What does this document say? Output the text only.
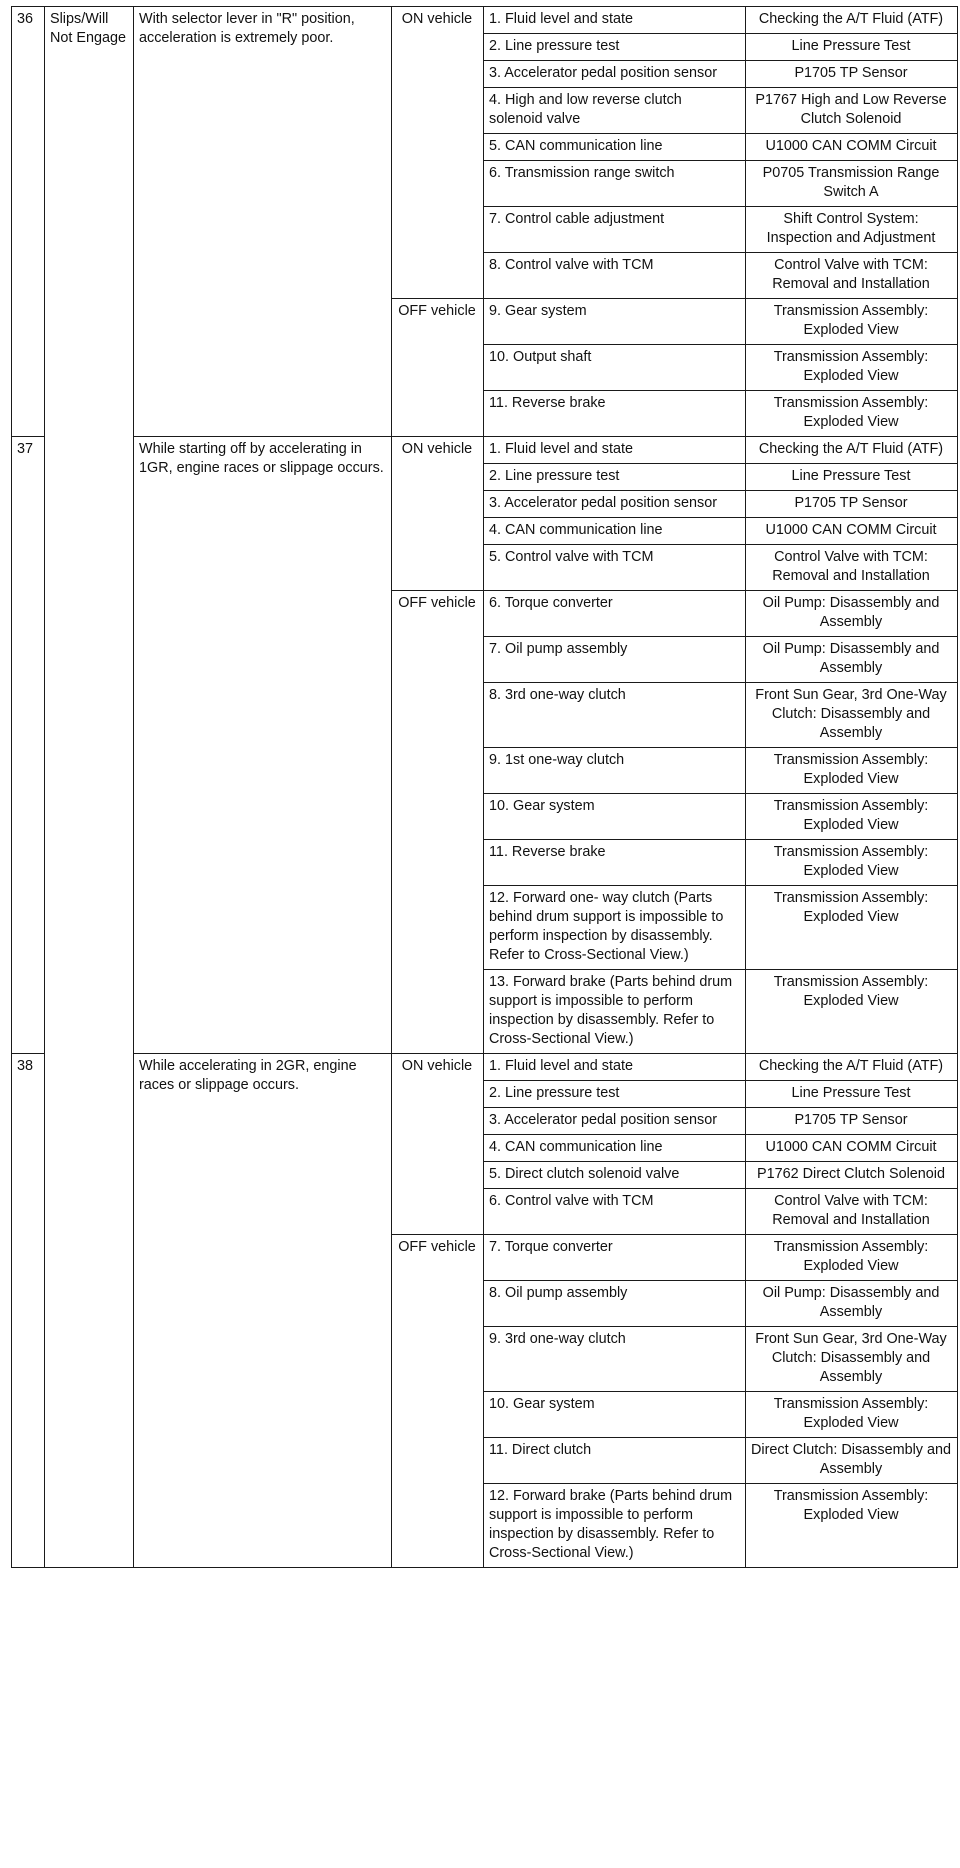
36	Slips/Will Not Engage	With selector lever in "R" position, acceleration is extremely poor.	ON vehicle	1. Fluid level and state	Checking the A/T Fluid (ATF)
				2. Line pressure test	Line Pressure Test
				3. Accelerator pedal position sensor	P1705 TP Sensor
				4. High and low reverse clutch solenoid valve	P1767 High and Low Reverse Clutch Solenoid
				5. CAN communication line	U1000 CAN COMM Circuit
				6. Transmission range switch	P0705 Transmission Range Switch A
				7. Control cable adjustment	Shift Control System: Inspection and Adjustment
				8. Control valve with TCM	Control Valve with TCM: Removal and Installation
			OFF vehicle	9. Gear system	Transmission Assembly: Exploded View
				10. Output shaft	Transmission Assembly: Exploded View
				11. Reverse brake	Transmission Assembly: Exploded View
37		While starting off by accelerating in 1GR, engine races or slippage occurs.	ON vehicle	1. Fluid level and state	Checking the A/T Fluid (ATF)
				2. Line pressure test	Line Pressure Test
				3. Accelerator pedal position sensor	P1705 TP Sensor
				4. CAN communication line	U1000 CAN COMM Circuit
				5. Control valve with TCM	Control Valve with TCM: Removal and Installation
			OFF vehicle	6. Torque converter	Oil Pump: Disassembly and Assembly
				7. Oil pump assembly	Oil Pump: Disassembly and Assembly
				8. 3rd one-way clutch	Front Sun Gear, 3rd One-Way Clutch: Disassembly and Assembly
				9. 1st one-way clutch	Transmission Assembly: Exploded View
				10. Gear system	Transmission Assembly: Exploded View
				11. Reverse brake	Transmission Assembly: Exploded View
				12. Forward one- way clutch (Parts behind drum support is impossible to perform inspection by disassembly. Refer to Cross-Sectional View.)	Transmission Assembly: Exploded View
				13. Forward brake (Parts behind drum support is impossible to perform inspection by disassembly. Refer to Cross-Sectional View.)	Transmission Assembly: Exploded View
38		While accelerating in 2GR, engine races or slippage occurs.	ON vehicle	1. Fluid level and state	Checking the A/T Fluid (ATF)
				2. Line pressure test	Line Pressure Test
				3. Accelerator pedal position sensor	P1705 TP Sensor
				4. CAN communication line	U1000 CAN COMM Circuit
				5. Direct clutch solenoid valve	P1762 Direct Clutch Solenoid
				6. Control valve with TCM	Control Valve with TCM: Removal and Installation
			OFF vehicle	7. Torque converter	Transmission Assembly: Exploded View
				8. Oil pump assembly	Oil Pump: Disassembly and Assembly
				9. 3rd one-way clutch	Front Sun Gear, 3rd One-Way Clutch: Disassembly and Assembly
				10. Gear system	Transmission Assembly: Exploded View
				11. Direct clutch	Direct Clutch: Disassembly and Assembly
				12. Forward brake (Parts behind drum support is impossible to perform inspection by disassembly. Refer to Cross-Sectional View.)	Transmission Assembly: Exploded View
